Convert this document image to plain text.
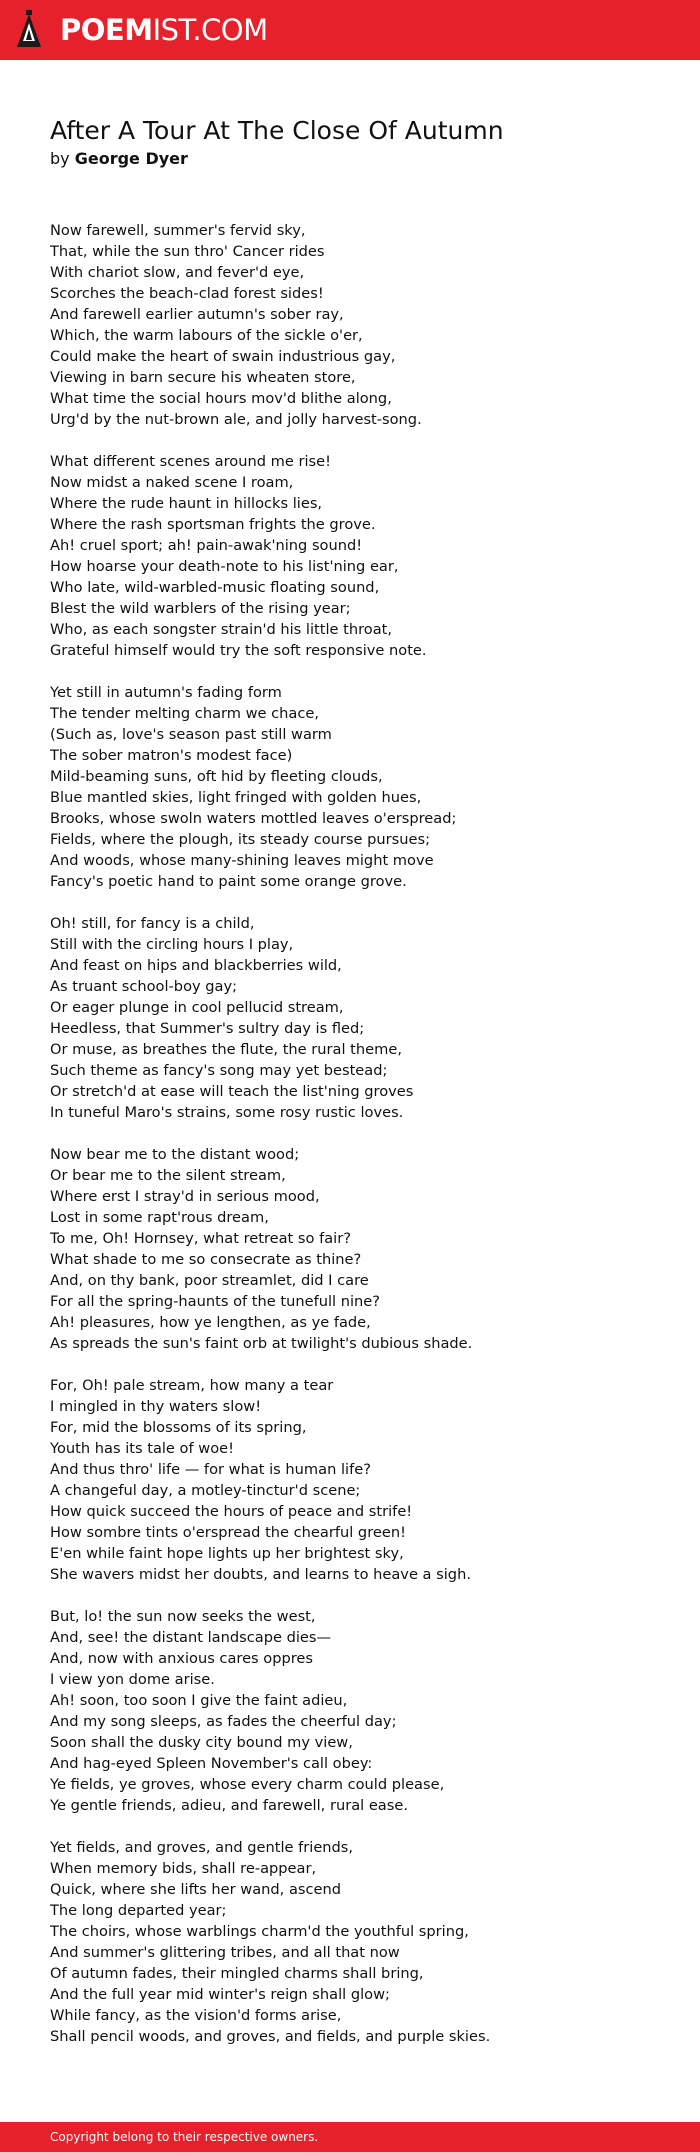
POEMIST.COM
After A Tour At The Close Of Autumn
by George Dyer
Now farewell, summer's fervid sky,
That, while the sun thro' Cancer rides
With chariot slow, and fever'd eye,
Scorches the beach-clad forest sides!
And farewell earlier autumn's sober ray,
Which, the warm labours of the sickle o'er,
Could make the heart of swain industrious gay,
Viewing in barn secure his wheaten store,
What time the social hours mov'd blithe along,
Urg'd by the nut-brown ale, and jolly harvest-song.
What different scenes around me rise!
Now midst a naked scene I roam,
Where the rude haunt in hillocks lies,
Where the rash sportsman frights the grove.
Ah! cruel sport; ah! pain-awak'ning sound!
How hoarse your death-note to his list'ning ear,
Who late, wild-warbled-music floating sound,
Blest the wild warblers of the rising year;
Who, as each songster strain'd his little throat,
Grateful himself would try the soft responsive note.
Yet still in autumn's fading form
The tender melting charm we chace,
(Such as, love's season past still warm
The sober matron's modest face)
Mild-beaming suns, oft hid by fleeting clouds,
Blue mantled skies, light fringed with golden hues,
Brooks, whose swoln waters mottled leaves o'erspread;
Fields, where the plough, its steady course pursues;
And woods, whose many-shining leaves might move
Fancy's poetic hand to paint some orange grove.
Oh! still, for fancy is a child,
Still with the circling hours I play,
And feast on hips and blackberries wild,
As truant school-boy gay;
Or eager plunge in cool pellucid stream,
Heedless, that Summer's sultry day is fled;
Or muse, as breathes the flute, the rural theme,
Such theme as fancy's song may yet bestead;
Or stretch'd at ease will teach the list'ning groves
In tuneful Maro's strains, some rosy rustic loves.
Now bear me to the distant wood;
Or bear me to the silent stream,
Where erst I stray'd in serious mood,
Lost in some rapt'rous dream,
To me, Oh! Hornsey, what retreat so fair?
What shade to me so consecrate as thine?
And, on thy bank, poor streamlet, did I care
For all the spring-haunts of the tunefull nine?
Ah! pleasures, how ye lengthen, as ye fade,
As spreads the sun's faint orb at twilight's dubious shade.
For, Oh! pale stream, how many a tear
I mingled in thy waters slow!
For, mid the blossoms of its spring,
Youth has its tale of woe!
And thus thro' life — for what is human life?
A changeful day, a motley-tinctur'd scene;
How quick succeed the hours of peace and strife!
How sombre tints o'erspread the chearful green!
E'en while faint hope lights up her brightest sky,
She wavers midst her doubts, and learns to heave a sigh.
But, lo! the sun now seeks the west,
And, see! the distant landscape dies—
And, now with anxious cares oppres
I view yon dome arise.
Ah! soon, too soon I give the faint adieu,
And my song sleeps, as fades the cheerful day;
Soon shall the dusky city bound my view,
And hag-eyed Spleen November's call obey:
Ye fields, ye groves, whose every charm could please,
Ye gentle friends, adieu, and farewell, rural ease.
Yet fields, and groves, and gentle friends,
When memory bids, shall re-appear,
Quick, where she lifts her wand, ascend
The long departed year;
The choirs, whose warblings charm'd the youthful spring,
And summer's glittering tribes, and all that now
Of autumn fades, their mingled charms shall bring,
And the full year mid winter's reign shall glow;
While fancy, as the vision'd forms arise,
Shall pencil woods, and groves, and fields, and purple skies.
Copyright belong to their respective owners.
